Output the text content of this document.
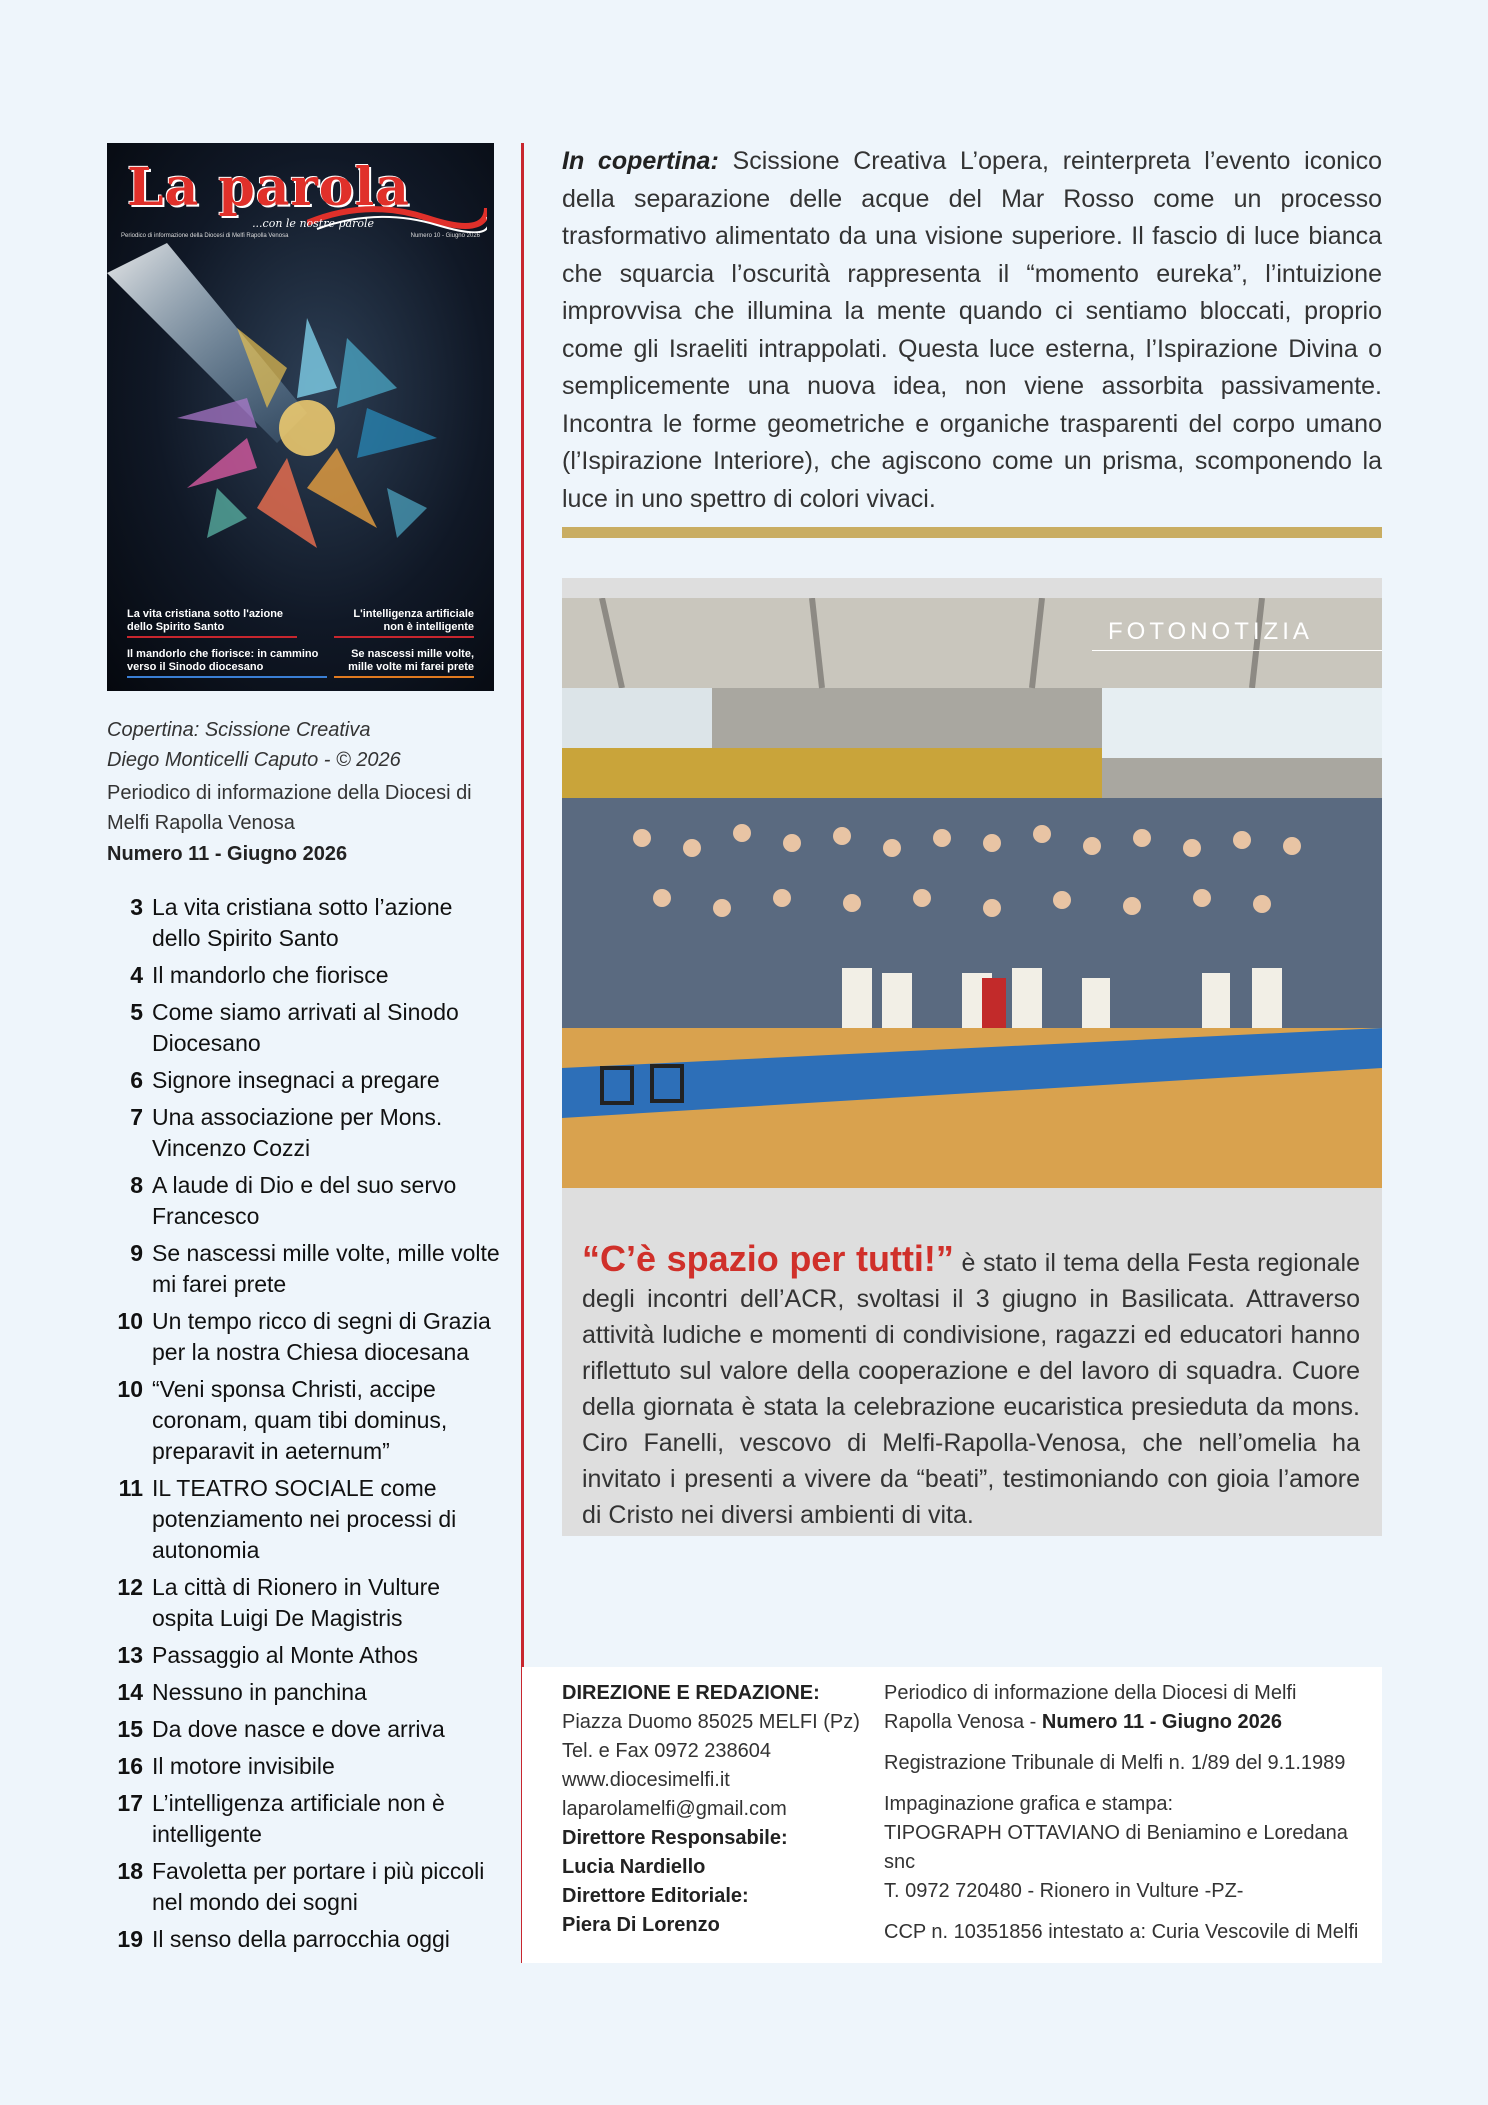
La parola
...con le nostre parole
Periodico di informazione della Diocesi di Melfi Rapolla Venosa	Numero 10 - Giugno 2026
La vita cristiana sotto l'azione dello Spirito Santo
L'intelligenza artificiale non è intelligente
Il mandorlo che fiorisce: in cammino verso il Sinodo diocesano
Se nascessi mille volte, mille volte mi farei prete
Copertina: Scissione Creativa
Diego Monticelli Caputo - © 2026
Periodico di informazione della Diocesi di Melfi Rapolla Venosa
Numero 11 - Giugno 2026
3 La vita cristiana sotto l’azione dello Spirito Santo
4 Il mandorlo che fiorisce
5 Come siamo arrivati al Sinodo Diocesano
6 Signore insegnaci a pregare
7 Una associazione per Mons. Vincenzo Cozzi
8 A laude di Dio e del suo servo Francesco
9 Se nascessi mille volte, mille volte mi farei prete
10 Un tempo ricco di segni di Grazia per la nostra Chiesa diocesana
10 “Veni sponsa Christi, accipe coronam, quam tibi dominus, preparavit in aeternum”
11 IL TEATRO SOCIALE come potenziamento nei processi di autonomia
12 La città di Rionero in Vulture ospita Luigi De Magistris
13 Passaggio al Monte Athos
14 Nessuno in panchina
15 Da dove nasce e dove arriva
16 Il motore invisibile
17 L’intelligenza artificiale non è intelligente
18 Favoletta per portare i più piccoli nel mondo dei sogni
19 Il senso della parrocchia oggi
In copertina: Scissione Creativa L’opera, reinterpreta l’evento iconico della separazione delle acque del Mar Rosso come un processo trasformativo alimentato da una visione superiore. Il fascio di luce bianca che squarcia l’oscurità rappresenta il “momento eureka”, l’intuizione improvvisa che illumina la mente quando ci sentiamo bloccati, proprio come gli Israeliti intrappolati. Questa luce esterna, l’Ispirazione Divina o semplicemente una nuova idea, non viene assorbita passivamente. Incontra le forme geometriche e organiche trasparenti del corpo umano (l’Ispirazione Interiore), che agiscono come un prisma, scomponendo la luce in uno spettro di colori vivaci.
FOTONOTIZIA
“C’è spazio per tutti!” è stato il tema della Festa regionale degli incontri dell’ACR, svoltasi il 3 giugno in Basilicata. Attraverso attività ludiche e momenti di condivisione, ragazzi ed educatori hanno riflettuto sul valore della cooperazione e del lavoro di squadra. Cuore della giornata è stata la celebrazione eucaristica presieduta da mons. Ciro Fanelli, vescovo di Melfi-Rapolla-Venosa, che nell’omelia ha invitato i presenti a vivere da “beati”, testimoniando con gioia l’amore di Cristo nei diversi ambienti di vita.
DIREZIONE E REDAZIONE:
Piazza Duomo 85025 MELFI (Pz)
Tel. e Fax 0972 238604
www.diocesimelfi.it
laparolamelfi@gmail.com
Direttore Responsabile:
Lucia Nardiello
Direttore Editoriale:
Piera Di Lorenzo

Periodico di informazione della Diocesi di Melfi Rapolla Venosa - Numero 11 - Giugno 2026

Registrazione Tribunale di Melfi n. 1/89 del 9.1.1989

Impaginazione grafica e stampa:
TIPOGRAPH OTTAVIANO di Beniamino e Loredana snc
T. 0972 720480 - Rionero in Vulture -PZ-

CCP n. 10351856 intestato a: Curia Vescovile di Melfi
